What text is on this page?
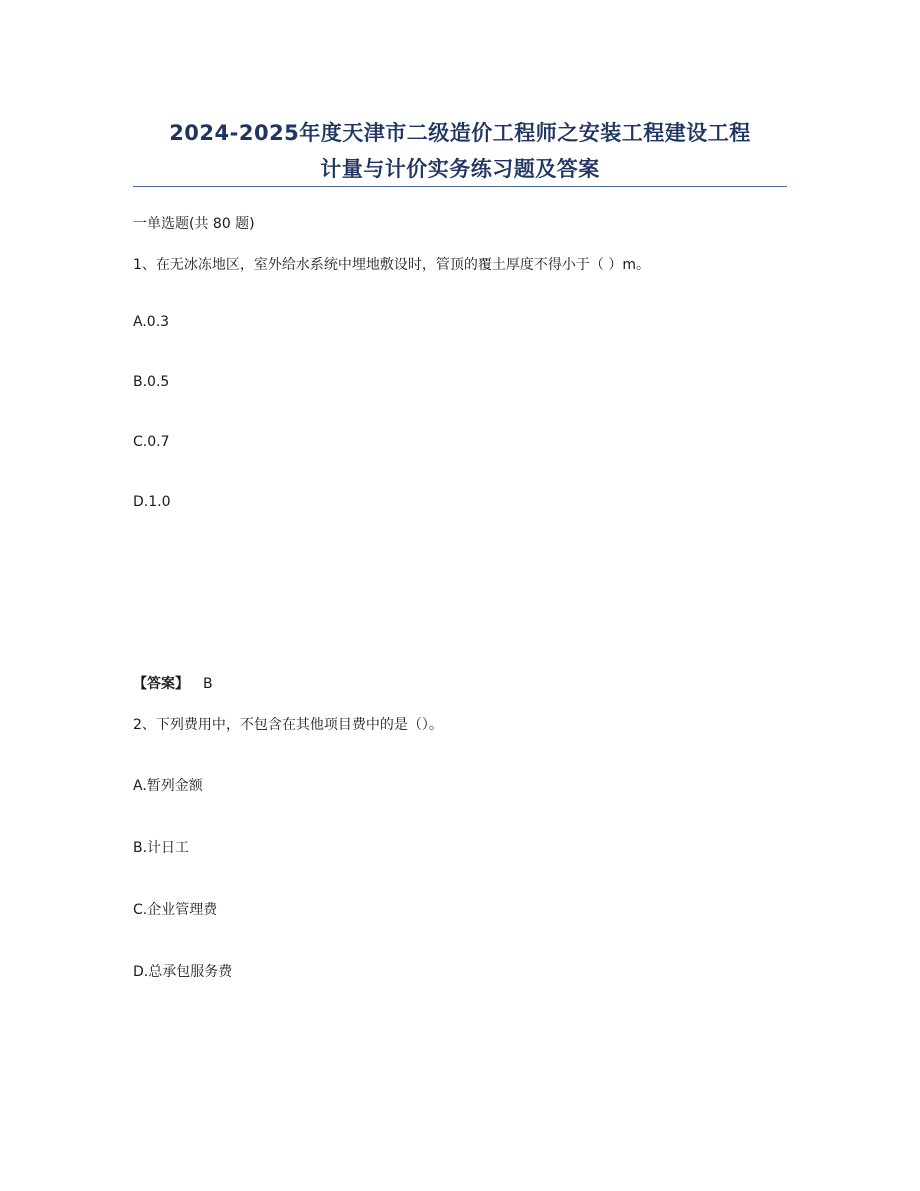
2024-2025年度天津市二级造价工程师之安装工程建设工程
计量与计价实务练习题及答案
一单选题(共 80 题)
1、在无冰冻地区，室外给水系统中埋地敷设时，管顶的覆土厚度不得小于（ ）m。
A.0.3
B.0.5
C.0.7
D.1.0
【答案】 B
2、下列费用中，不包含在其他项目费中的是（）。
A.暂列金额
B.计日工
C.企业管理费
D.总承包服务费
